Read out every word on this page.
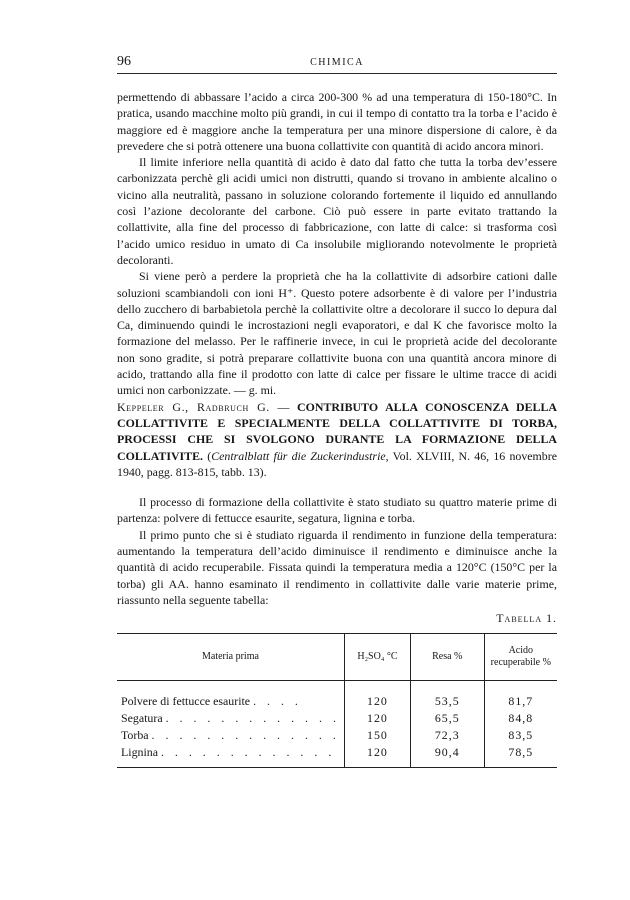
96	CHIMICA

permettendo di abbassare l’acido a circa 200-300 % ad una temperatura di 150-180°C. In pratica, usando macchine molto più grandi, in cui il tempo di contatto tra la torba e l’acido è maggiore ed è maggiore anche la temperatura per una minore dispersione di calore, è da prevedere che si potrà ottenere una buona collattivite con quantità di acido ancora minori.

Il limite inferiore nella quantità di acido è dato dal fatto che tutta la torba dev’essere carbonizzata perchè gli acidi umici non distrutti, quando si trovano in ambiente alcalino o vicino alla neutralità, passano in soluzione colorando fortemente il liquido ed annullando così l’azione decolorante del carbone. Ciò può essere in parte evitato trattando la collattivite, alla fine del processo di fabbricazione, con latte di calce: si trasforma così l’acido umico residuo in umato di Ca insolubile migliorando notevolmente le proprietà decoloranti.

Si viene però a perdere la proprietà che ha la collattivite di adsorbire cationi dalle soluzioni scambiandoli con ioni H⁺. Questo potere adsorbente è di valore per l’industria dello zucchero di barbabietola perchè la collattivite oltre a decolorare il succo lo depura dal Ca, diminuendo quindi le incrostazioni negli evaporatori, e dal K che favorisce molto la formazione del melasso. Per le raffinerie invece, in cui le proprietà acide del decolorante non sono gradite, si potrà preparare collattivite buona con una quantità ancora minore di acido, trattando alla fine il prodotto con latte di calce per fissare le ultime tracce di acidi umici non carbonizzate. — g. mi.

Keppeler G., Radbruch G. — CONTRIBUTO ALLA CONOSCENZA DELLA COLLATTIVITE E SPECIALMENTE DELLA COLLATTIVITE DI TORBA, PROCESSI CHE SI SVOLGONO DURANTE LA FORMAZIONE DELLA COLLATIVITE. (Centralblatt für die Zuckerindustrie, Vol. XLVIII, N. 46, 16 novembre 1940, pagg. 813-815, tabb. 13).

Il processo di formazione della collattivite è stato studiato su quattro materie prime di partenza: polvere di fettucce esaurite, segatura, lignina e torba.

Il primo punto che si è studiato riguarda il rendimento in funzione della temperatura: aumentando la temperatura dell’acido diminuisce il rendimento e diminuisce anche la quantità di acido recuperabile. Fissata quindi la temperatura media a 120°C (150°C per la torba) gli AA. hanno esaminato il rendimento in collattivite dalle varie materie prime, riassunto nella seguente tabella:

Tabella 1.
Materia prima	H₂SO₄ °C	Resa %	Acido recuperabile %
Polvere di fettucce esaurite . . . .	120	53,5	81,7
Segatura . . . . . . . . . . . . .	120	65,5	84,8
Torba . . . . . . . . . . . . . .	150	72,3	83,5
Lignina . . . . . . . . . . . . .	120	90,4	78,5
